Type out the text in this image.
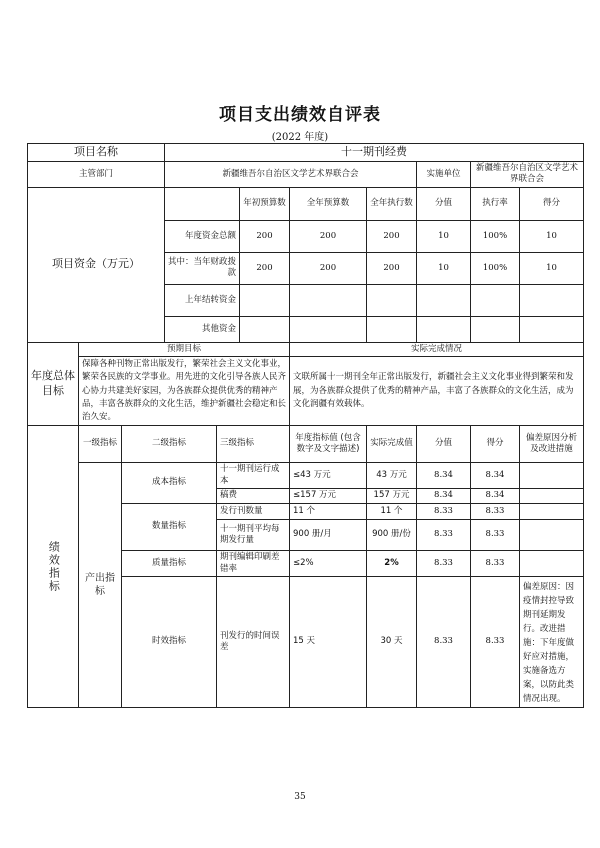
项目支出绩效自评表
(2022 年度)
项目名称			十一期刊经费							
主管部门			新疆维吾尔自治区文学艺术界联合会					实施单位	新疆维吾尔自治区文学艺术界联合会	
项目资金（万元）					年初预算数	全年预算数	全年执行数	分值	执行率	得分
			年度资金总额		200	200	200	10	100%	10
			其中：当年财政拨款		200	200	200	10	100%	10
			上年结转资金							
			其他资金							
年度总体目标	预期目标					实际完成情况				
	保障各种刊物正常出版发行，繁荣社会主义文化事业，繁荣各民族的文学事业。用先进的文化引导各族人民齐心协力共建美好家园，为各族群众提供优秀的精神产品，丰富各族群众的文化生活，维护新疆社会稳定和长治久安。					文联所属十一期刊全年正常出版发行，新疆社会主义文化事业得到繁荣和发展，为各族群众提供了优秀的精神产品，丰富了各族群众的文化生活，成为文化润疆有效载体。				
绩效指标	一级指标	二级指标		三级指标		年度指标值 (包含数字及文字描述)	实际完成值	分值	得分	偏差原因分析及改进措施
	产出指标	成本指标		十一期刊运行成本		≤43 万元	43 万元	8.34	8.34	
				稿费		≤157 万元	157 万元	8.34	8.34	
		数量指标		发行刊数量		11 个	11 个	8.33	8.33	
				十一期刊平均每期发行量		900 册/月	900 册/份	8.33	8.33	
		质量指标		期刊编辑印刷差错率		≤2%	2%	8.33	8.33	
		时效指标		刊发行的时间误差		15 天	30 天	8.33	8.33	偏差原因：因疫情封控导致期刊延期发行。改进措施：下年度做好应对措施，实施备选方案，以防此类情况出现。
35
